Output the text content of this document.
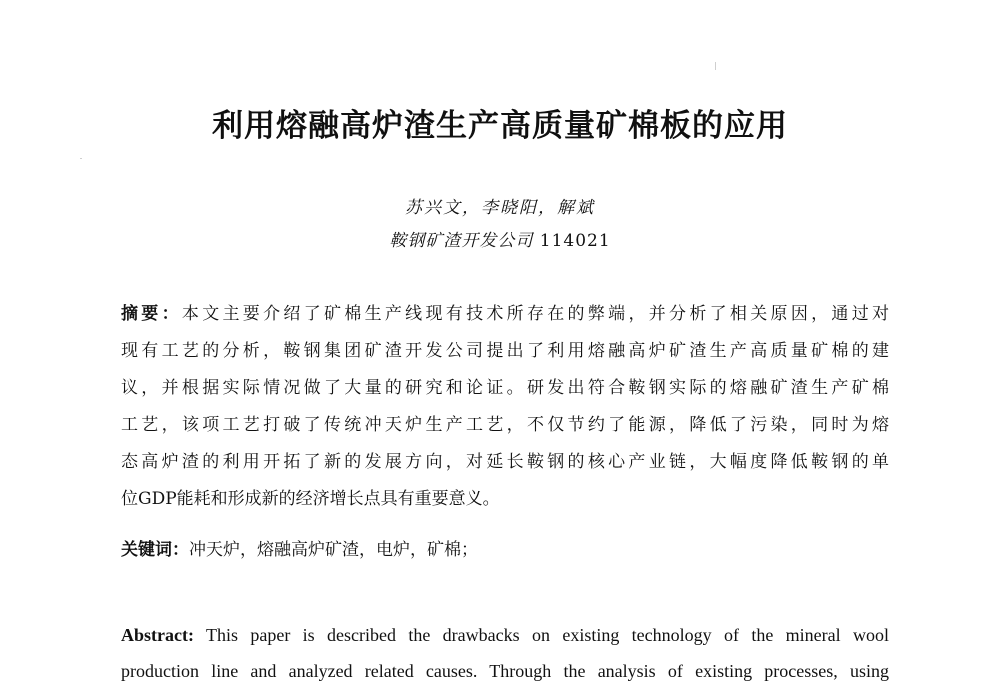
利用熔融高炉渣生产高质量矿棉板的应用
苏兴文，李晓阳，解斌
鞍钢矿渣开发公司 114021
摘要：本文主要介绍了矿棉生产线现有技术所存在的弊端，并分析了相关原因，通过对
现有工艺的分析，鞍钢集团矿渣开发公司提出了利用熔融高炉矿渣生产高质量矿棉的建
议，并根据实际情况做了大量的研究和论证。研发出符合鞍钢实际的熔融矿渣生产矿棉
工艺，该项工艺打破了传统冲天炉生产工艺，不仅节约了能源，降低了污染，同时为熔
态高炉渣的利用开拓了新的发展方向，对延长鞍钢的核心产业链，大幅度降低鞍钢的单
位GDP能耗和形成新的经济增长点具有重要意义。
关键词：冲天炉，熔融高炉矿渣，电炉，矿棉；
Abstract: This paper is described the drawbacks on existing technology of the mineral wool
production line and analyzed related causes. Through the analysis of existing processes, using
